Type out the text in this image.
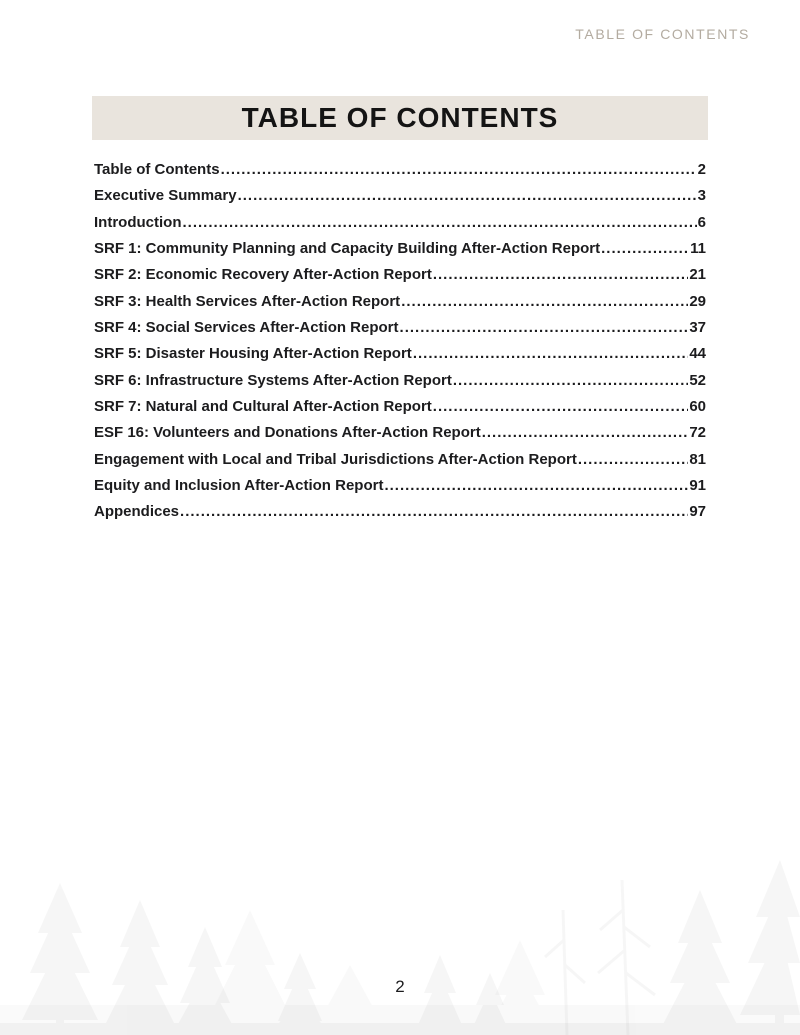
TABLE OF CONTENTS
TABLE OF CONTENTS
Table of Contents .....	2
Executive Summary .....	3
Introduction .....	6
SRF 1: Community Planning and Capacity Building After-Action Report .....	11
SRF 2: Economic Recovery After-Action Report .....	21
SRF 3: Health Services After-Action Report .....	29
SRF 4: Social Services After-Action Report .....	37
SRF 5: Disaster Housing After-Action Report .....	44
SRF 6: Infrastructure Systems After-Action Report .....	52
SRF 7: Natural and Cultural After-Action Report .....	60
ESF 16: Volunteers and Donations After-Action Report .....	72
Engagement with Local and Tribal Jurisdictions After-Action Report .....	81
Equity and Inclusion After-Action Report .....	91
Appendices .....	97
2
